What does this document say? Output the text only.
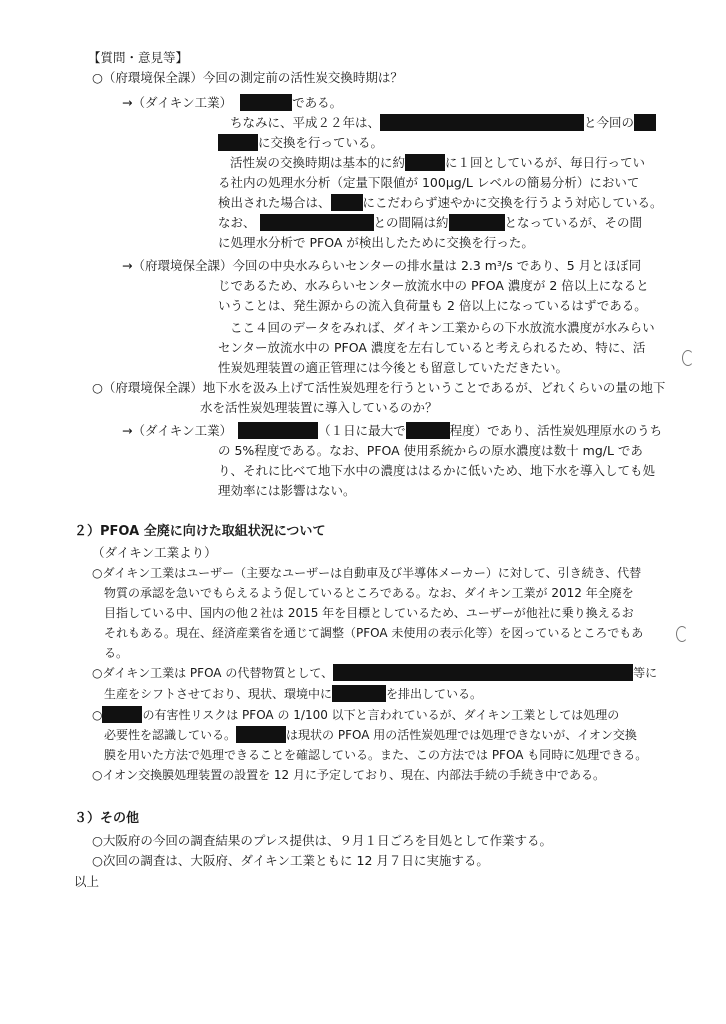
【質問・意見等】
○（府環境保全課）今回の測定前の活性炭交換時期は？
→（ダイキン工業）	である。
ちなみに、平成２２年は、	と今回の
に交換を行っている。
活性炭の交換時期は基本的に約	に１回としているが、毎日行ってい
る社内の処理水分析（定量下限値が 100μg/L レベルの簡易分析）において
検出された場合は、	にこだわらず速やかに交換を行うよう対応している。
なお、	との間隔は約	となっているが、その間
に処理水分析で PFOA が検出したために交換を行った。
→（府環境保全課）今回の中央水みらいセンターの排水量は 2.3 m³/s であり、5 月とほぼ同
じであるため、水みらいセンター放流水中の PFOA 濃度が 2 倍以上になると
いうことは、発生源からの流入負荷量も 2 倍以上になっているはずである。
ここ４回のデータをみれば、ダイキン工業からの下水放流水濃度が水みらい
センター放流水中の PFOA 濃度を左右していると考えられるため、特に、活
性炭処理装置の適正管理には今後とも留意していただきたい。
○（府環境保全課）地下水を汲み上げて活性炭処理を行うということであるが、どれくらいの量の地下
水を活性炭処理装置に導入しているのか？
→（ダイキン工業）	（１日に最大で	程度）であり、活性炭処理原水のうち
の 5%程度である。なお、PFOA 使用系統からの原水濃度は数十 mg/L であ
り、それに比べて地下水中の濃度ははるかに低いため、地下水を導入しても処
理効率には影響はない。
２）PFOA 全廃に向けた取組状況について
（ダイキン工業より）
○ダイキン工業はユーザー（主要なユーザーは自動車及び半導体メーカー）に対して、引き続き、代替
物質の承認を急いでもらえるよう促しているところである。なお、ダイキン工業が 2012 年全廃を
目指している中、国内の他２社は 2015 年を目標としているため、ユーザーが他社に乗り換えるお
それもある。現在、経済産業省を通じて調整（PFOA 未使用の表示化等）を図っているところでもあ
る。
○ダイキン工業は PFOA の代替物質として、	等に
生産をシフトさせており、現状、環境中に	を排出している。
○	の有害性リスクは PFOA の 1/100 以下と言われているが、ダイキン工業としては処理の
必要性を認識している。	は現状の PFOA 用の活性炭処理では処理できないが、イオン交換
膜を用いた方法で処理できることを確認している。また、この方法では PFOA も同時に処理できる。
○イオン交換膜処理装置の設置を 12 月に予定しており、現在、内部法手続の手続き中である。
３）その他
○大阪府の今回の調査結果のプレス提供は、９月１日ごろを目処として作業する。
○次回の調査は、大阪府、ダイキン工業ともに 12 月７日に実施する。
以上
